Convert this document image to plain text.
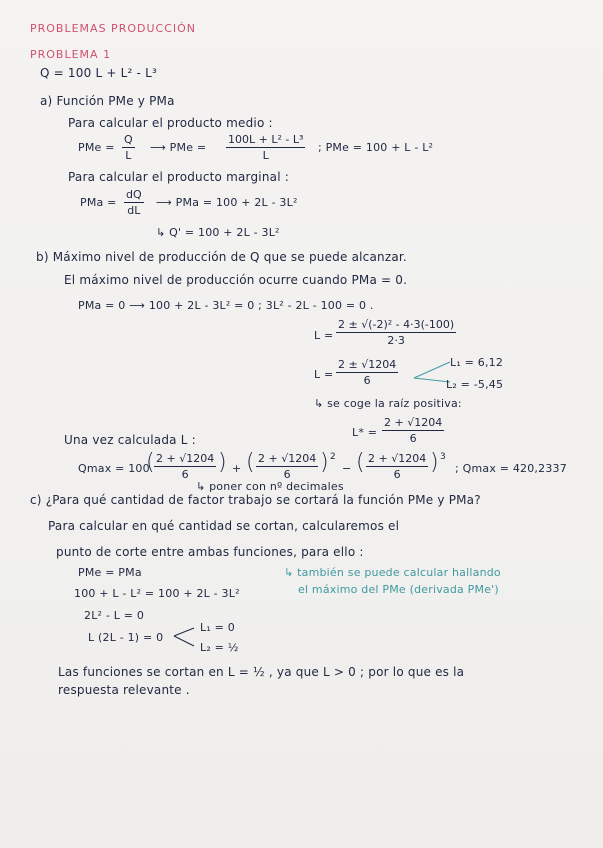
PROBLEMAS PRODUCCIÓN
PROBLEMA 1
Q = 100 L + L² - L³
a) Función PMe y PMa
Para calcular el producto medio :
PMe = $\frac{Q}{L}$ ⟶ PMe = $\frac{\text{100L + L² - L³}}{L}$ ; PMe = 100 + L - L²
Para calcular el producto marginal :
PMa = $\frac{dQ}{dL}$ ⟶ PMa = 100 + 2L - 3L²
↳ Q' = 100 + 2L - 3L²
b) Máximo nivel de producción de Q que se puede alcanzar.
El máximo nivel de producción ocurre cuando PMa = 0.
PMa = 0 ⟶ 100 + 2L - 3L² = 0 ; 3L² - 2L - 100 = 0 .
$L = \frac{\text{2 ± √(-2)² - 4·3(-100)}}{2\cdot 3}$
$L = \frac{2 \pm √1204}{6}$	L₁ = 6,12
L₂ = -5,45
↳ se coge la raíz positiva:
$L* = \frac{2 + √1204}{6}$
Una vez calculada L :
Qmax = 100
( $\frac{2 + √1204}{6}$ ) + ( $\frac{2 + √1204}{6}$ ) 2
− ( $\frac{2 + √1204}{6}$ ) 3
; Qmax = 420,2337
↳ poner con nº decimales
c) ¿Para qué cantidad de factor trabajo se cortará la función PMe y PMa?
Para calcular en qué cantidad se cortan, calcularemos el
punto de corte entre ambas funciones, para ello :
↳ también se puede calcular hallando
el máximo del PMe (derivada PMe')
PMe = PMa
100 + L - L² = 100 + 2L - 3L²
2L² - L = 0
L (2L - 1) = 0
L₁ = 0
L₂ = ½
Las funciones se cortan en L = ½ , ya que L > 0 ; por lo que es la
respuesta relevante .
